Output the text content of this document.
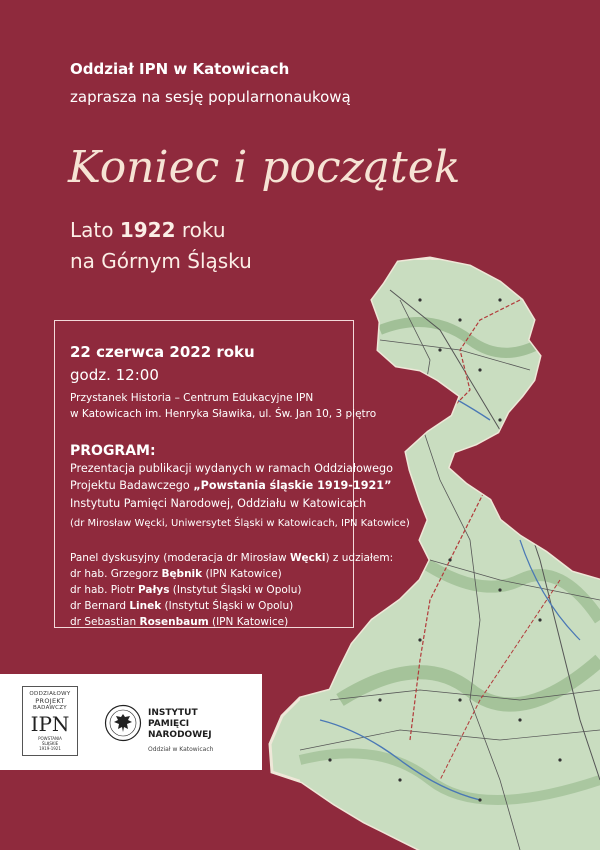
Oddział IPN w Katowicach
zaprasza na sesję popularnonaukową
Koniec i początek
Lato 1922 roku
na Górnym Śląsku
22 czerwca 2022 roku
godz. 12:00
Przystanek Historia – Centrum Edukacyjne IPN
w Katowicach im. Henryka Sławika, ul. Św. Jan 10, 3 piętro
PROGRAM:
Prezentacja publikacji wydanych w ramach Oddziałowego
Projektu Badawczego „Powstania śląskie 1919-1921”
Instytutu Pamięci Narodowej, Oddziału w Katowicach
(dr Mirosław Węcki, Uniwersytet Śląski w Katowicach, IPN Katowice)
Panel dyskusyjny (moderacja dr Mirosław Węcki) z udziałem:
dr hab. Grzegorz Bębnik (IPN Katowice)
dr hab. Piotr Pałys (Instytut Śląski w Opolu)
dr Bernard Linek (Instytut Śląski w Opolu)
dr Sebastian Rosenbaum (IPN Katowice)
ODDZIAŁOWY
PROJEKT
BADAWCZY
IPN
POWSTANIA
ŚLĄSKIE
1919-1921
INSTYTUT
PAMIĘCI
NARODOWEJ
Oddział w Katowicach
